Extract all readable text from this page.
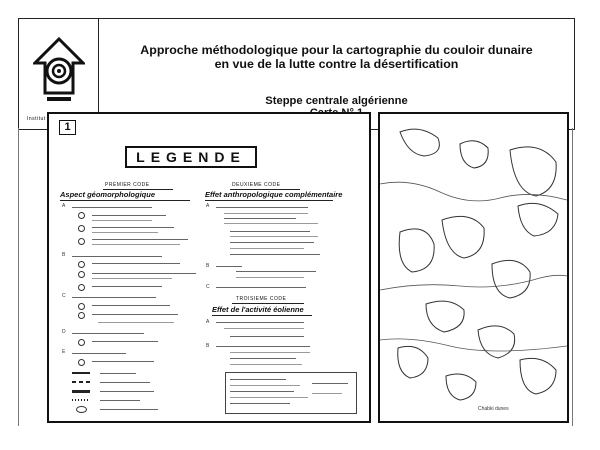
Institut
Approche méthodologique pour la cartographie du couloir dunaire
en vue de la lutte contre la désertification
Steppe centrale algérienne
1
LEGENDE
PREMIER CODE
Aspect géomorphologique
DEUXIEME CODE
Effet anthropologique complémentaire
TROISIEME CODE
Effet de l'activité éolienne
A
B
C
D
E
A
B
C
A
B
Chabki dunes
